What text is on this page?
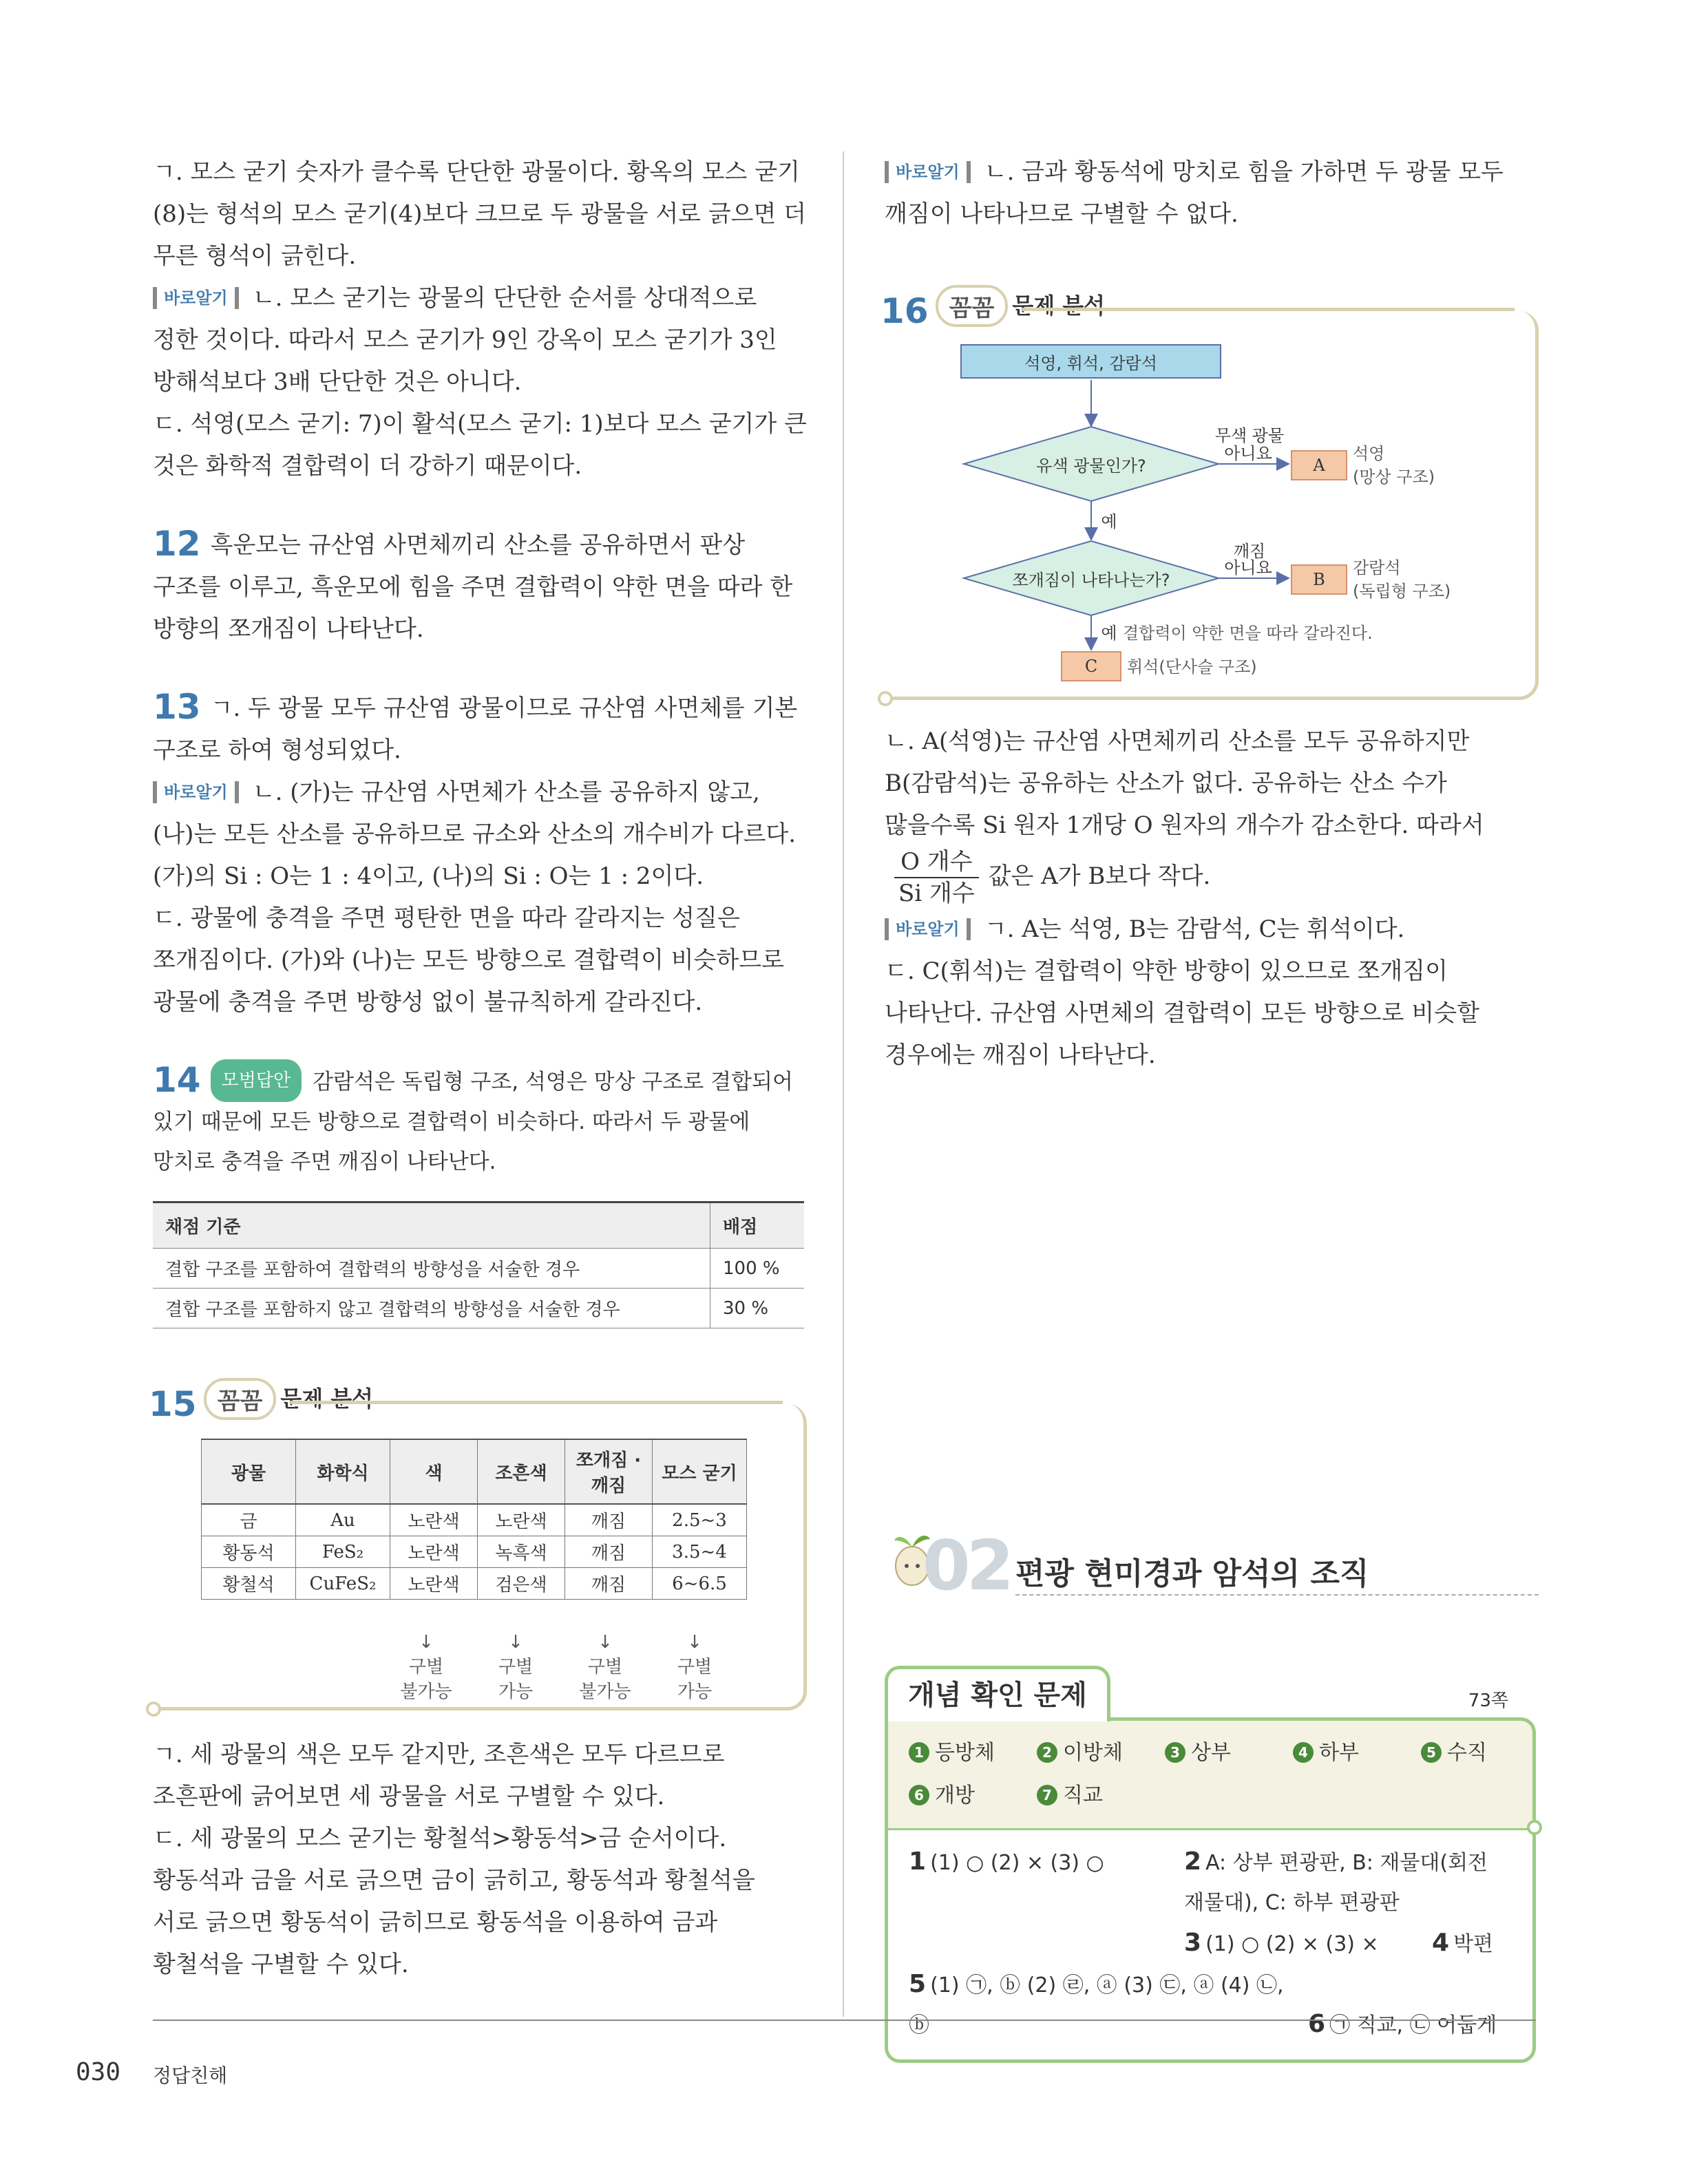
ㄱ. 모스 굳기 숫자가 클수록 단단한 광물이다. 황옥의 모스 굳기 (8)는 형석의 모스 굳기(4)보다 크므로 두 광물을 서로 긁으면 더 무른 형석이 긁힌다.

바로알기 ㄴ. 모스 굳기는 광물의 단단한 순서를 상대적으로 정한 것이다. 따라서 모스 굳기가 9인 강옥이 모스 굳기가 3인 방해석보다 3배 단단한 것은 아니다.

ㄷ. 석영(모스 굳기: 7)이 활석(모스 굳기: 1)보다 모스 굳기가 큰 것은 화학적 결합력이 더 강하기 때문이다.

12 흑운모는 규산염 사면체끼리 산소를 공유하면서 판상 구조를 이루고, 흑운모에 힘을 주면 결합력이 약한 면을 따라 한 방향의 쪼개짐이 나타난다.

13 ㄱ. 두 광물 모두 규산염 광물이므로 규산염 사면체를 기본 구조로 하여 형성되었다.

바로알기 ㄴ. (가)는 규산염 사면체가 산소를 공유하지 않고, (나)는 모든 산소를 공유하므로 규소와 산소의 개수비가 다르다. (가)의 Si : O는 1 : 4이고, (나)의 Si : O는 1 : 2이다.

ㄷ. 광물에 충격을 주면 평탄한 면을 따라 갈라지는 성질은 쪼개짐이다. (가)와 (나)는 모든 방향으로 결합력이 비슷하므로 광물에 충격을 주면 방향성 없이 불규칙하게 갈라진다.

14 모범답안 감람석은 독립형 구조, 석영은 망상 구조로 결합되어 있기 때문에 모든 방향으로 결합력이 비슷하다. 따라서 두 광물에 망치로 충격을 주면 깨짐이 나타난다.

채점 기준	배점
결합 구조를 포함하여 결합력의 방향성을 서술한 경우	100 %
결합 구조를 포함하지 않고 결합력의 방향성을 서술한 경우	30 %
15 꼼꼼 문제 분석
광물	화학식	색	조흔색	쪼개짐 ·깨짐	모스 굳기
금	Au	노란색	노란색	깨짐	2.5~3
황동석	FeS₂	노란색	녹흑색	깨짐	3.5~4
황철석	CuFeS₂	노란색	검은색	깨짐	6~6.5
↓
구별
불가능↓
구별
가능↓
구별
불가능↓
구별
가능

ㄱ. 세 광물의 색은 모두 같지만, 조흔색은 모두 다르므로 조흔판에 긁어보면 세 광물을 서로 구별할 수 있다.

ㄷ. 세 광물의 모스 굳기는 황철석>황동석>금 순서이다. 황동석과 금을 서로 긁으면 금이 긁히고, 황동석과 황철석을 서로 긁으면 황동석이 긁히므로 황동석을 이용하여 금과 황철석을 구별할 수 있다.

바로알기 ㄴ. 금과 황동석에 망치로 힘을 가하면 두 광물 모두 깨짐이 나타나므로 구별할 수 없다.

16 꼼꼼 문제 분석
석영, 휘석, 감람석
유색 광물인가?
무색 광물
아니요
A
석영
(망상 구조)
예
쪼개짐이 나타나는가?
깨짐
아니요
B
감람석
(독립형 구조)
예 결합력이 약한 면을 따라 갈라진다.
C	휘석(단사슬 구조)

ㄴ. A(석영)는 규산염 사면체끼리 산소를 모두 공유하지만 B(감람석)는 공유하는 산소가 없다. 공유하는 산소 수가 많을수록 Si 원자 1개당 O 원자의 개수가 감소한다. 따라서
$\frac{\text{O 개수}}{\text{Si 개수}}$ 값은 A가 B보다 작다.

바로알기 ㄱ. A는 석영, B는 감람석, C는 휘석이다.

ㄷ. C(휘석)는 결합력이 약한 방향이 있으므로 쪼개짐이 나타난다. 규산염 사면체의 결합력이 모든 방향으로 비슷할 경우에는 깨짐이 나타난다.

02 편광 현미경과 암석의 조직
개념 확인 문제	73쪽
1 등방체	2 이방체	3 상부	4 하부	5 수직
6 개방	7 직교
1 (1) ○ (2) × (3) ○	2 A: 상부 편광판, B: 재물대(회전 재물대), C: 하부 편광판
3 (1) ○ (2) × (3) × 4 박편
5 (1) ㉠, ⓑ (2) ㉣, ⓐ (3) ㉢, ⓐ (4) ㉡, ⓑ	6 ㉠ 직교, ㉡ 어둡게
030 정답친해
